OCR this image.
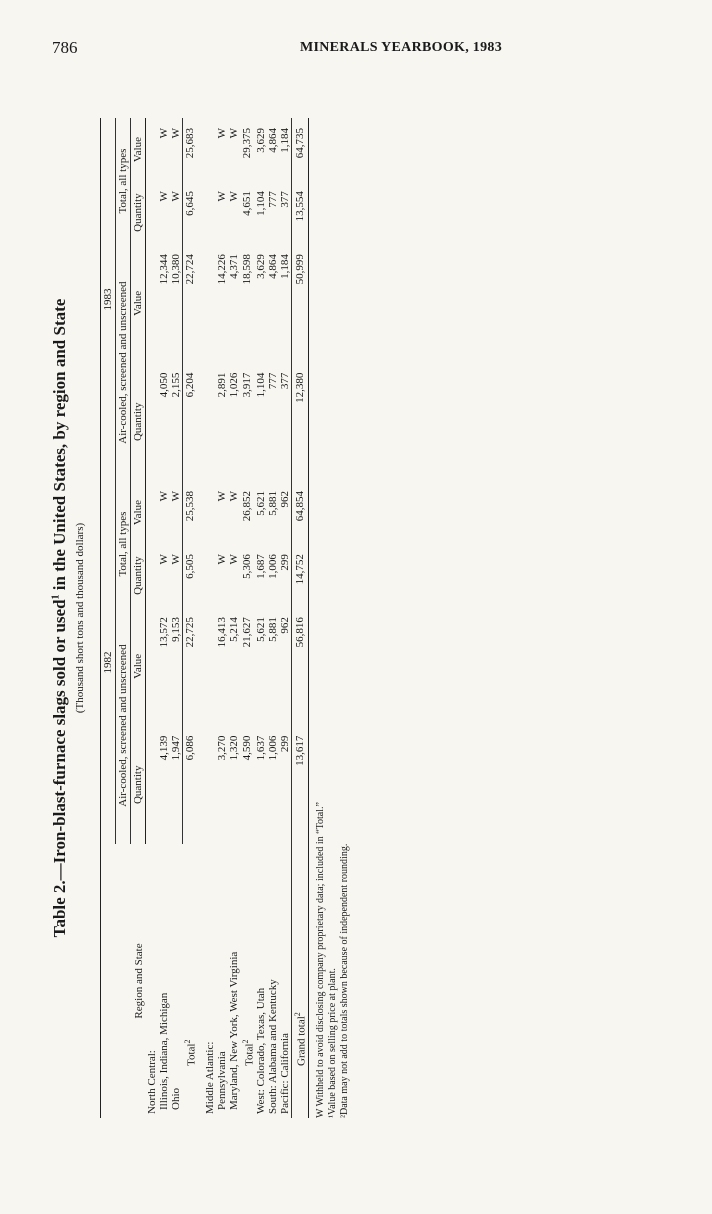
786	MINERALS YEARBOOK, 1983
Table 2.—Iron-blast-furnace slags sold or used$^1$ in the United States, by region and State
(Thousand short tons and thousand dollars)
Region and State	1982				1983			
	Air-cooled, screened and unscreened		Total, all types		Air-cooled, screened and unscreened		Total, all types	
	Quantity	Value	Quantity	Value	Quantity	Value	Quantity	Value
North Central:								
Illinois, Indiana, Michigan	4,139	13,572	W	W	4,050	12,344	W	W
Ohio	1,947	9,153	W	W	2,155	10,380	W	W
Total$^2$	6,086	22,725	6,505	25,538	6,204	22,724	6,645	25,683

Middle Atlantic:								
Pennsylvania	3,270	16,413	W	W	2,891	14,226	W	W
Maryland, New York, West Virginia	1,320	5,214	W	W	1,026	4,371	W	W
Total$^2$	4,590	21,627	5,306	26,852	3,917	18,598	4,651	29,375
West: Colorado, Texas, Utah	1,637	5,621	1,687	5,621	1,104	3,629	1,104	3,629
South: Alabama and Kentucky	1,006	5,881	1,006	5,881	777	4,864	777	4,864
Pacific: California	299	962	299	962	377	1,184	377	1,184
Grand total$^2$	13,617	56,816	14,752	64,854	12,380	50,999	13,554	64,735
W Withheld to avoid disclosing company proprietary data; included in “Total.” ¹Value based on selling price at plant. ²Data may not add to totals shown because of independent rounding.
